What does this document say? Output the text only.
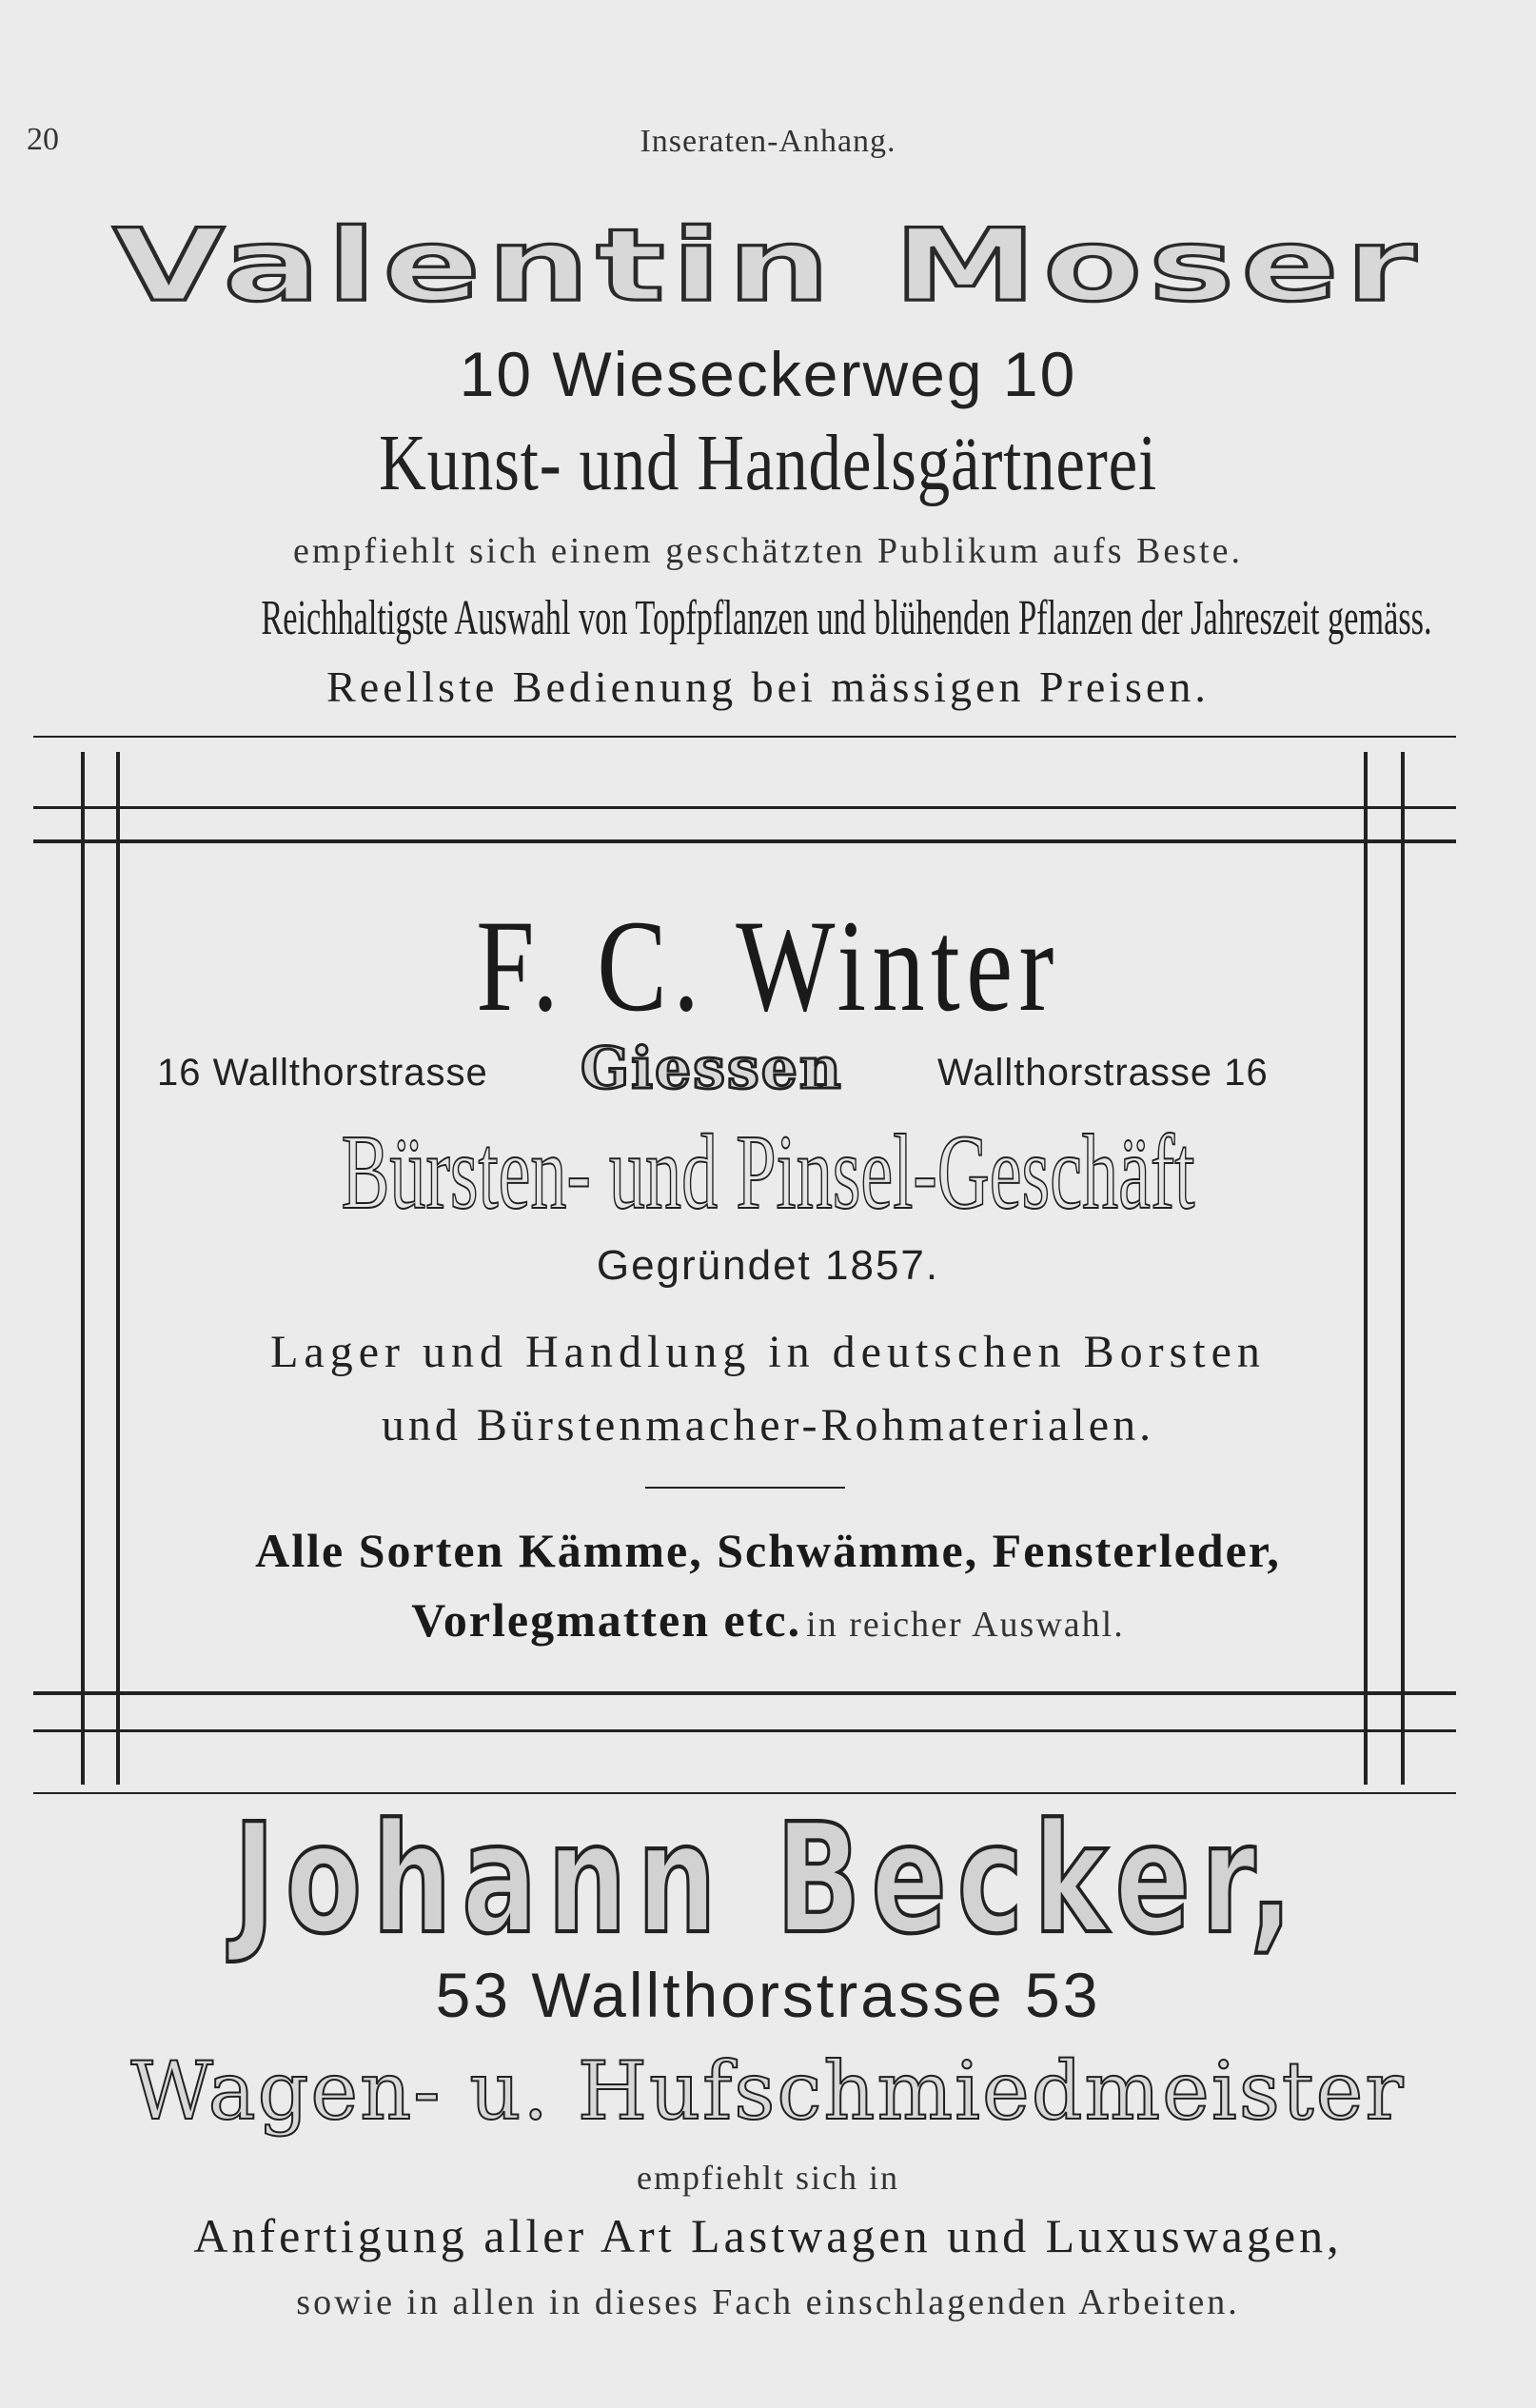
20	Inseraten-Anhang.
Valentin Moser
10 Wieseckerweg 10
Kunst- und Handelsgärtnerei
empfiehlt sich einem geschätzten Publikum aufs Beste.
Reichhaltigste Auswahl von Topfpflanzen und blühenden Pflanzen der Jahreszeit gemäss.
Reellste Bedienung bei mässigen Preisen.
F. C. Winter
16 Wallthorstrasse Giessen Wallthorstrasse 16
Bürsten- und Pinsel-Geschäft
Gegründet 1857.
Lager und Handlung in deutschen Borsten
und Bürstenmacher-Rohmaterialen.
Alle Sorten Kämme, Schwämme, Fensterleder,
Vorlegmatten etc. in reicher Auswahl.
Johann Becker,
53 Wallthorstrasse 53
Wagen- u. Hufschmiedmeister
empfiehlt sich in
Anfertigung aller Art Lastwagen und Luxuswagen,
sowie in allen in dieses Fach einschlagenden Arbeiten.
